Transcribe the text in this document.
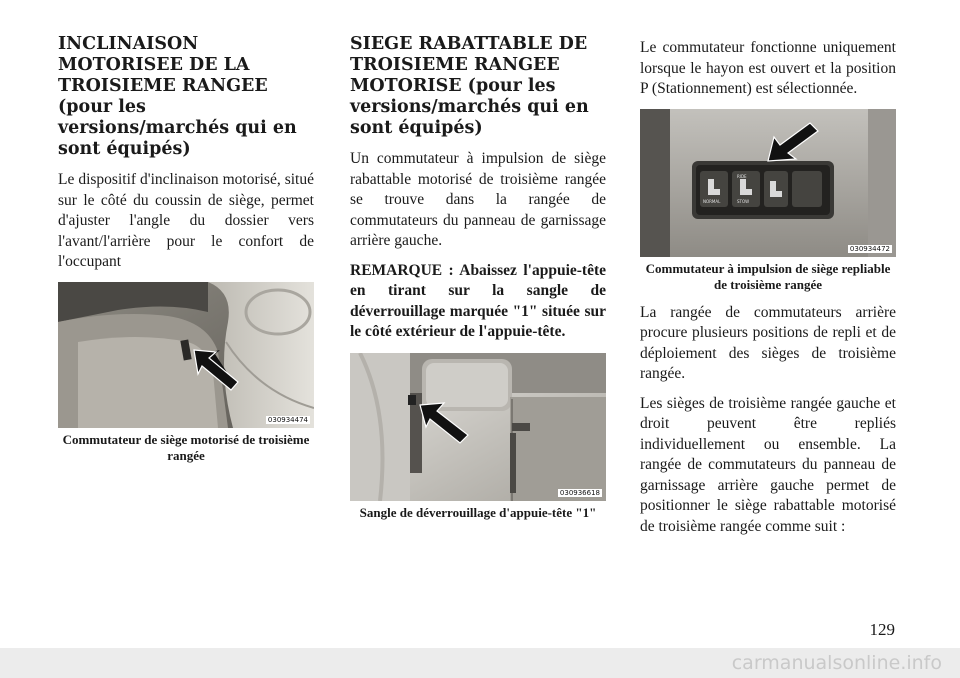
INCLINAISON MOTORISEE DE LA TROISIEME RANGEE (pour les versions/marchés qui en sont équipés)

Le dispositif d'inclinaison motorisé, situé sur le côté du coussin de siège, permet d'ajuster l'angle du dossier vers l'avant/l'arrière pour le confort de l'occupant

030934474

Commutateur de siège motorisé de troisième rangée

SIEGE RABATTABLE DE TROISIEME RANGEE MOTORISE (pour les versions/marchés qui en sont équipés)

Un commutateur à impulsion de siège rabattable motorisé de troisième rangée se trouve dans la rangée de commutateurs du panneau de garnissage arrière gauche.

REMARQUE : Abaissez l'appuie-tête en tirant sur la sangle de déverrouillage marquée "1" située sur le côté extérieur de l'appuie-tête.

030936618

Sangle de déverrouillage d'appuie-tête "1"

Le commutateur fonctionne uniquement lorsque le hayon est ouvert et la position P (Stationnement) est sélectionnée.

NORMAL	STOW
RIDE
030934472

Commutateur à impulsion de siège repliable de troisième rangée

La rangée de commutateurs arrière procure plusieurs positions de repli et de déploiement des sièges de troisième rangée.

Les sièges de troisième rangée gauche et droit peuvent être repliés individuellement ou ensemble. La rangée de commutateurs du panneau de garnissage arrière gauche permet de positionner le siège rabattable motorisé de troisième rangée comme suit :

129
carmanualsonline.info
